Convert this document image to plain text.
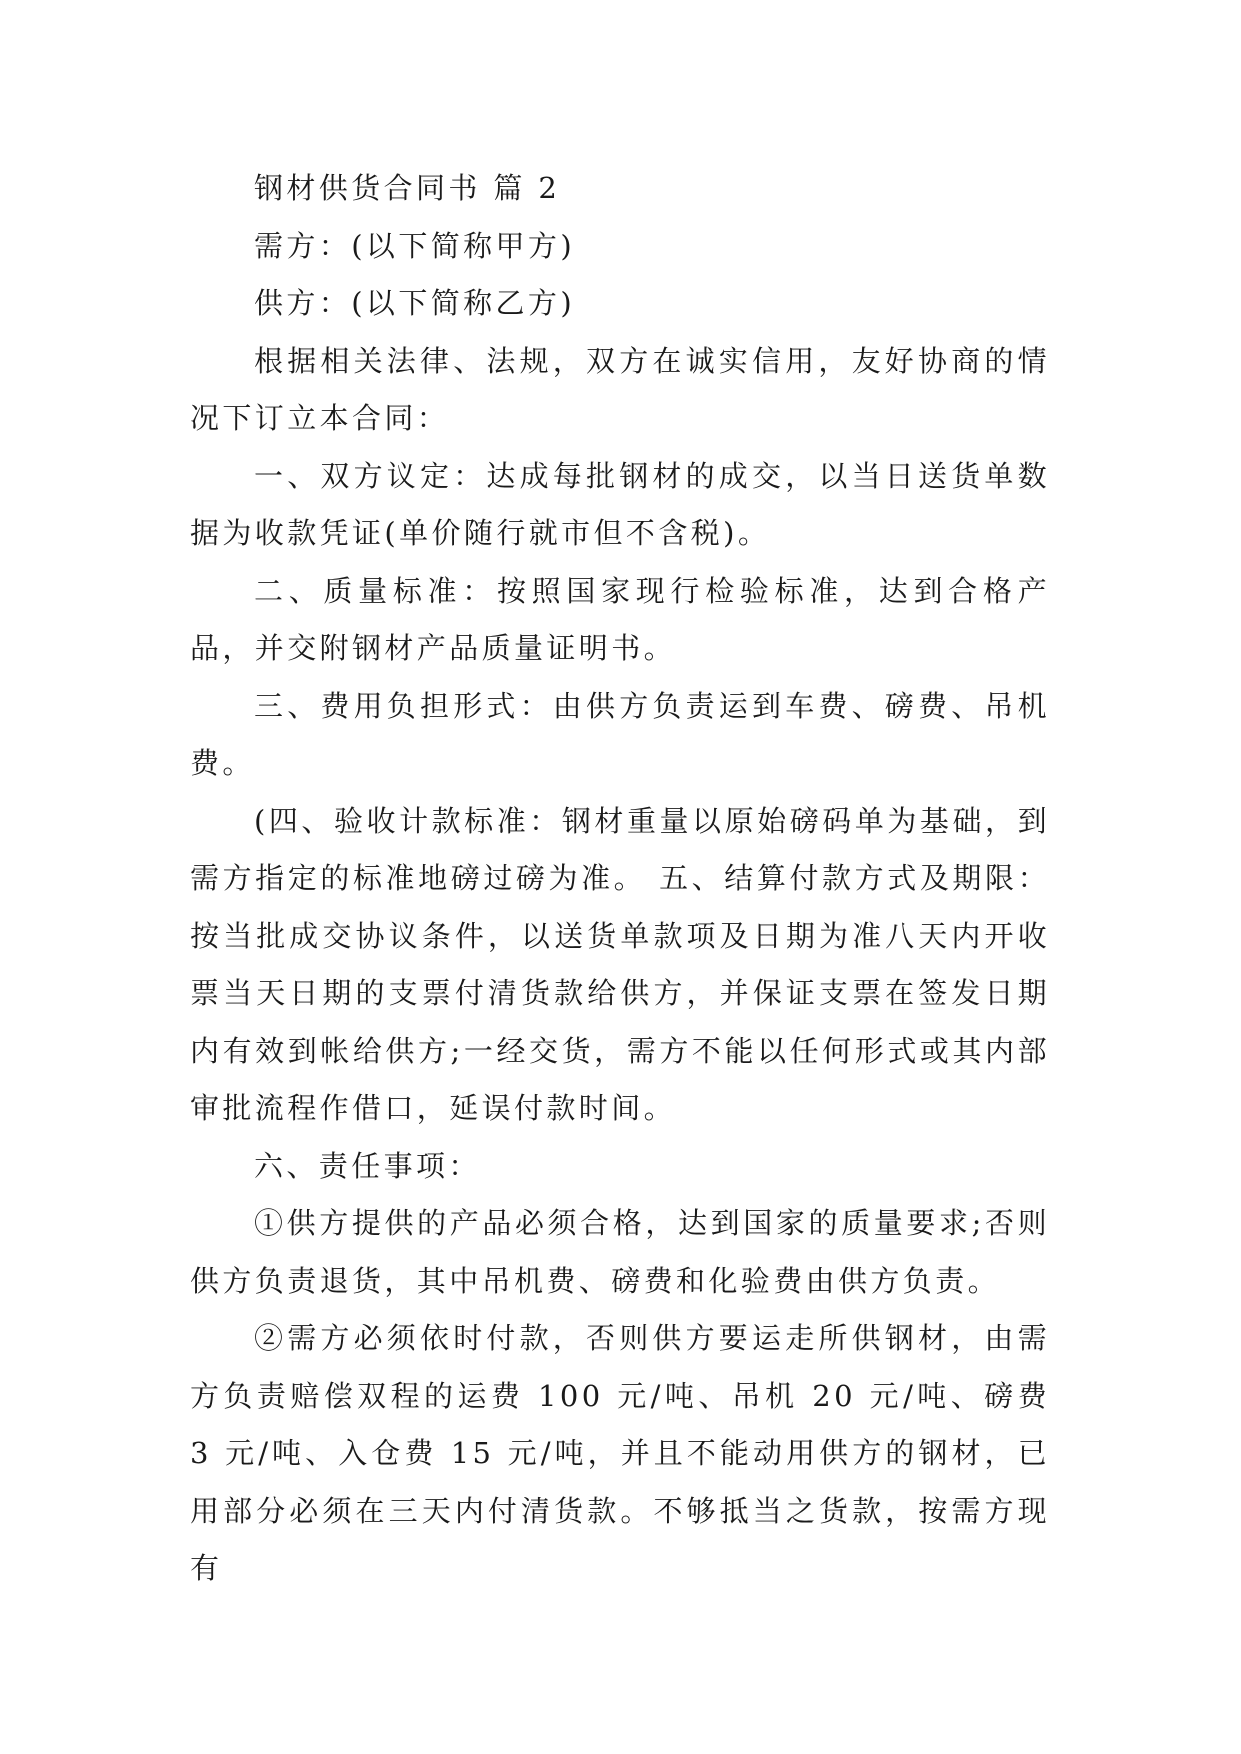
钢材供货合同书 篇 2

需方：(以下简称甲方)

供方：(以下简称乙方)

根据相关法律、法规，双方在诚实信用，友好协商的情况下订立本合同：

一、双方议定：达成每批钢材的成交，以当日送货单数据为收款凭证(单价随行就市但不含税)。

二、质量标准：按照国家现行检验标准，达到合格产品，并交附钢材产品质量证明书。

三、费用负担形式：由供方负责运到车费、磅费、吊机费。

(四、验收计款标准：钢材重量以原始磅码单为基础，到需方指定的标准地磅过磅为准。 五、结算付款方式及期限：按当批成交协议条件，以送货单款项及日期为准八天内开收票当天日期的支票付清货款给供方，并保证支票在签发日期内有效到帐给供方;一经交货，需方不能以任何形式或其内部审批流程作借口，延误付款时间。

六、责任事项：

①供方提供的产品必须合格，达到国家的质量要求;否则供方负责退货，其中吊机费、磅费和化验费由供方负责。

②需方必须依时付款，否则供方要运走所供钢材，由需方负责赔偿双程的运费 100 元/吨、吊机 20 元/吨、磅费 3 元/吨、入仓费 15 元/吨，并且不能动用供方的钢材，已用部分必须在三天内付清货款。不够抵当之货款，按需方现有
